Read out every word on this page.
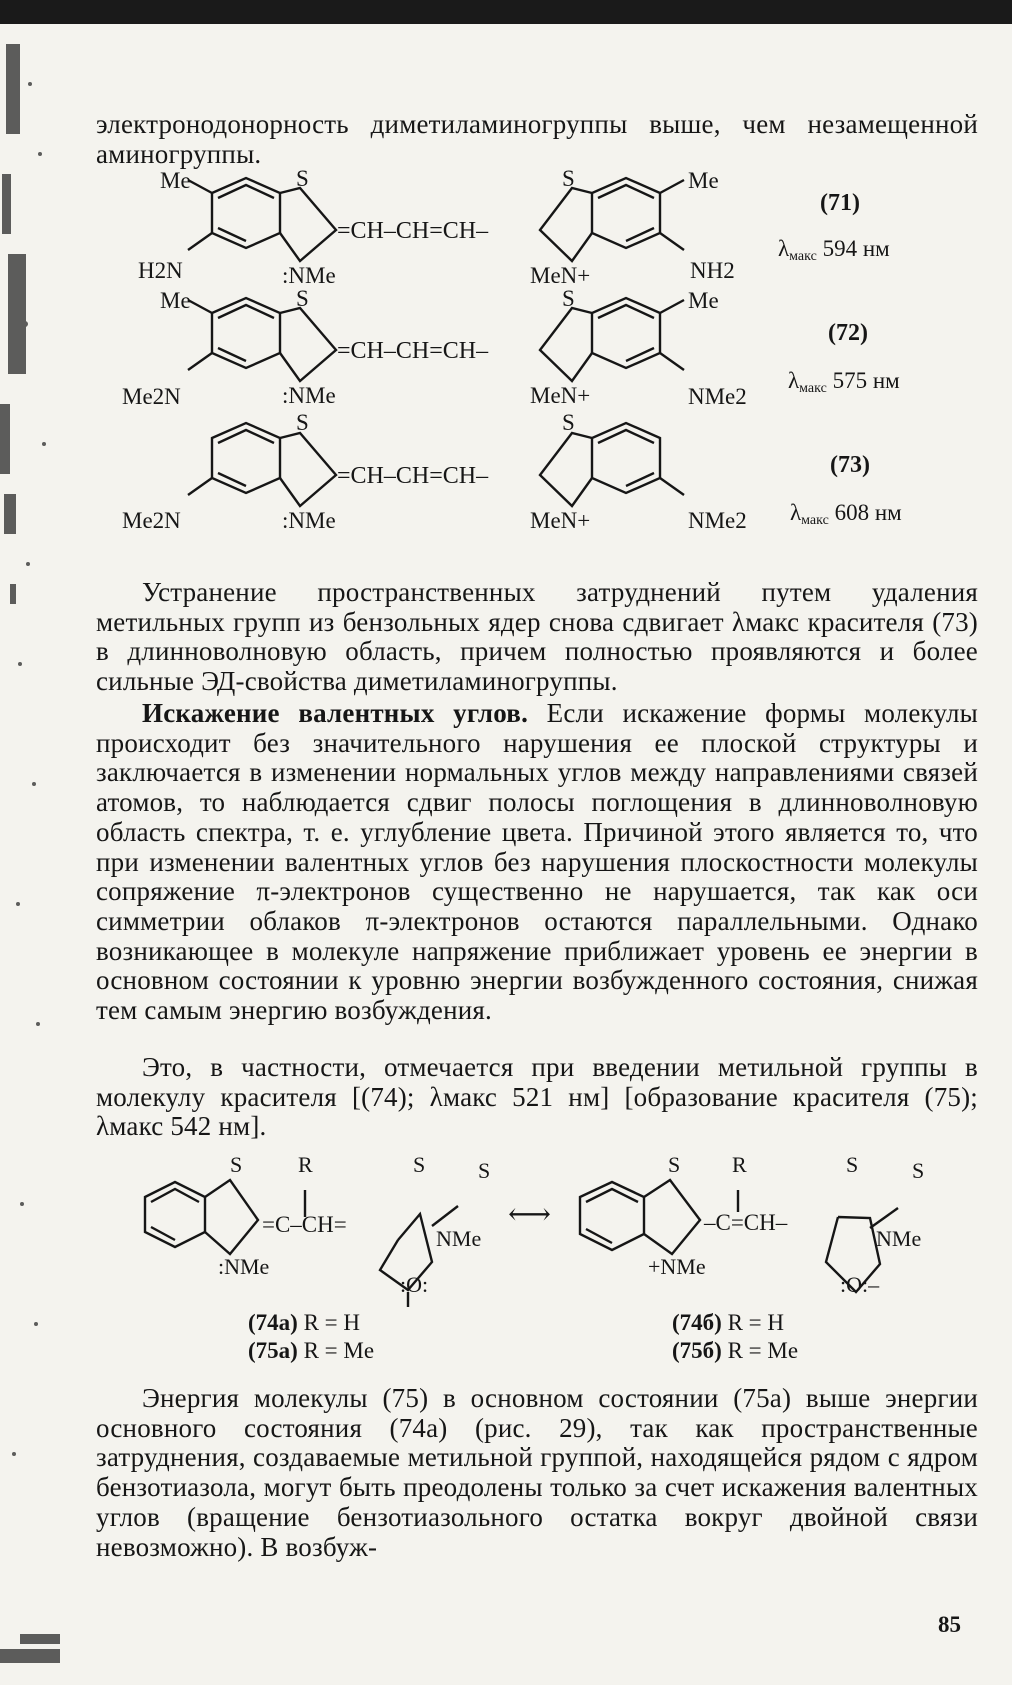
электронодонорность диметиламиногруппы выше, чем незамещенной аминогруппы.
Me
H2N
S
:NMe
=CH–CH=CH–
S
MeN+
Me
NH2
Me
Me2N
S
:NMe
=CH–CH=CH–
S
MeN+
Me
NMe2
Me2N
S
:NMe
=CH–CH=CH–
S
MeN+	NMe2
(71)
$\lambda_{макс}$ 594 нм
(72)
$\lambda_{макс}$ 575 нм
(73)
$\lambda_{макс}$ 608 нм
Устранение пространственных затруднений путем удаления метильных групп из бензольных ядер снова сдвигает λмакс красителя (73) в длинноволновую область, причем полностью проявляются и более сильные ЭД-свойства диметиламиногруппы.
Искажение валентных углов. Если искажение формы молекулы происходит без значительного нарушения ее плоской структуры и заключается в изменении нормальных углов между направлениями связей атомов, то наблюдается сдвиг полосы поглощения в длинноволновую область спектра, т. е. углубление цвета. Причиной этого является то, что при изменении валентных углов без нарушения плоскостности молекулы сопряжение π-электронов существенно не нарушается, так как оси симметрии облаков π-электронов остаются параллельными. Однако возникающее в молекуле напряжение приближает уровень ее энергии в основном состоянии к уровню энергии возбужденного состояния, снижая тем самым энергию возбуждения.
Это, в частности, отмечается при введении метильной группы в молекулу красителя [(74); λмакс 521 нм] [образование красителя (75); λмакс 542 нм].
S	R
=C–CH=
:NMe
S S
NMe
:O:
⟷
S R
–C=CH–
+NMe
S S
NMe
:O:–
(74а) R = H
(75а) R = Me
(74б) R = H
(75б) R = Me
Энергия молекулы (75) в основном состоянии (75а) выше энергии основного состояния (74а) (рис. 29), так как пространственные затруднения, создаваемые метильной группой, находящейся рядом с ядром бензотиазола, могут быть преодолены только за счет искажения валентных углов (вращение бензотиазольного остатка вокруг двойной связи невозможно). В возбуж-
85
